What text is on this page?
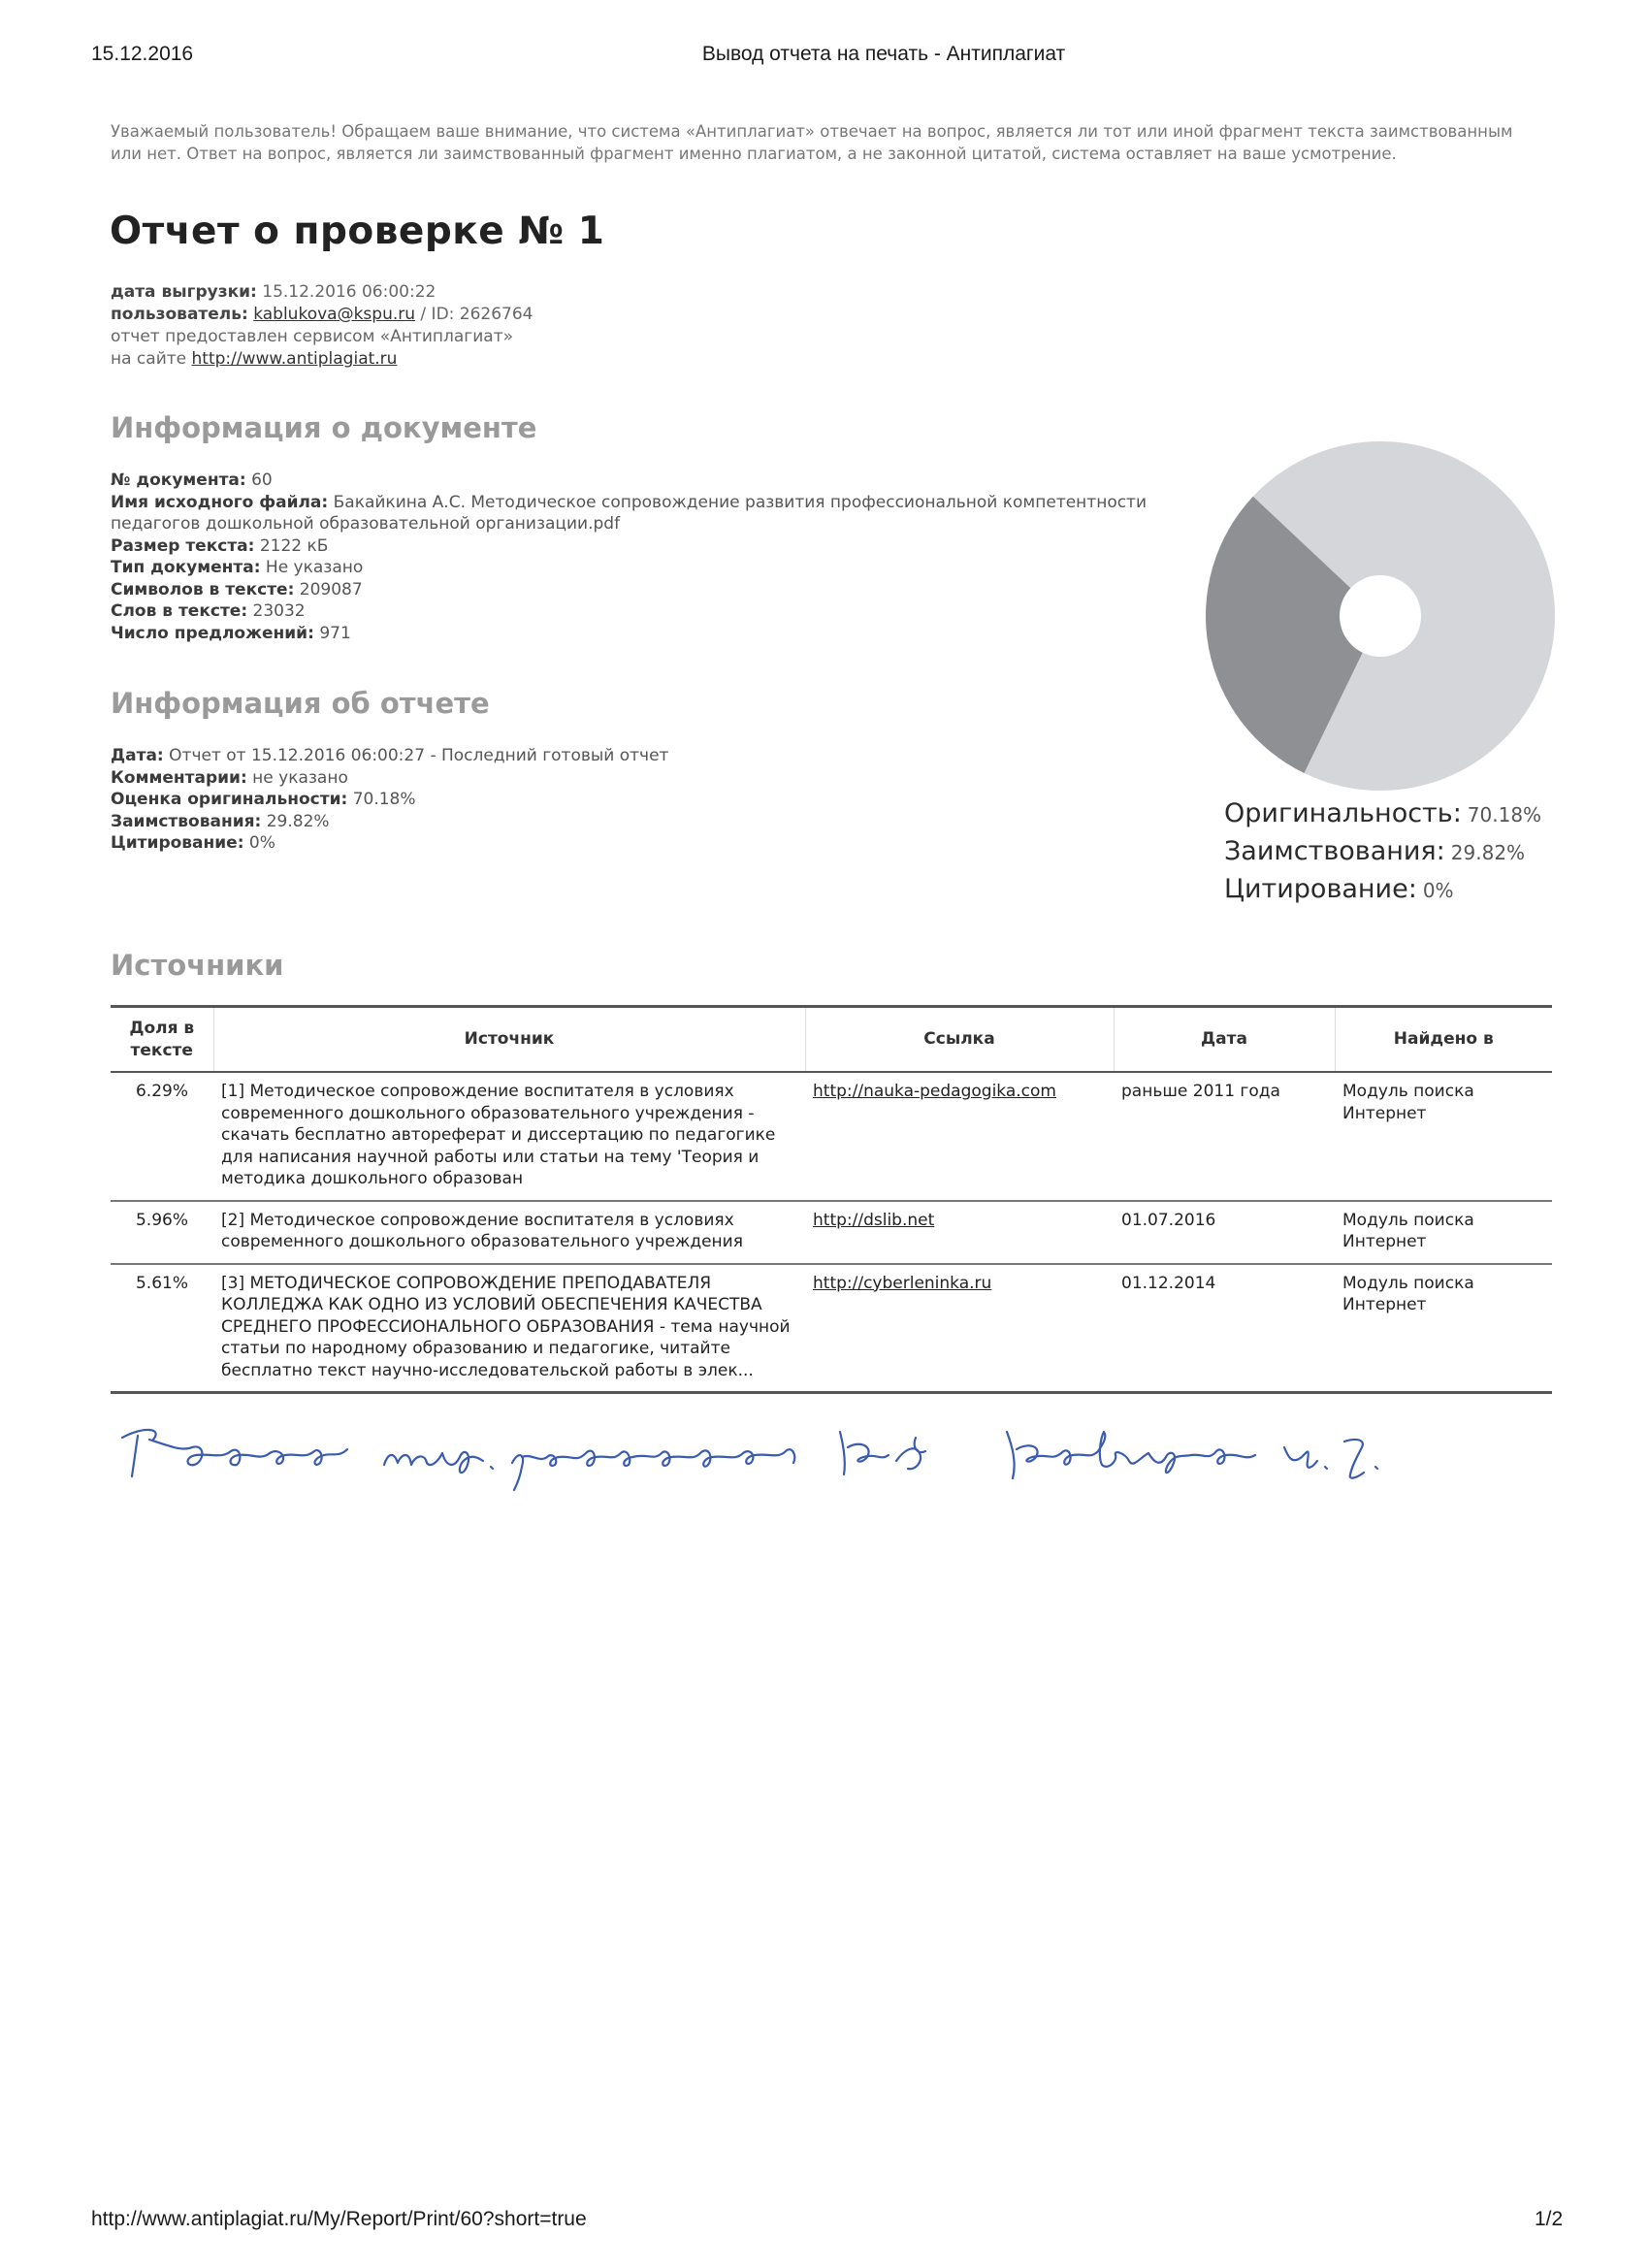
15.12.2016	Вывод отчета на печать - Антиплагиат
Уважаемый пользователь! Обращаем ваше внимание, что система «Антиплагиат» отвечает на вопрос, является ли тот или иной фрагмент текста заимствованным или нет. Ответ на вопрос, является ли заимствованный фрагмент именно плагиатом, а не законной цитатой, система оставляет на ваше усмотрение.
Отчет о проверке № 1
дата выгрузки: 15.12.2016 06:00:22
пользователь: kablukova@kspu.ru / ID: 2626764
отчет предоставлен сервисом «Антиплагиат»
на сайте http://www.antiplagiat.ru
Информация о документе
№ документа: 60
Имя исходного файла: Бакайкина А.С. Методическое сопровождение развития профессиональной компетентности педагогов дошкольной образовательной организации.pdf
Размер текста: 2122 кБ
Тип документа: Не указано
Символов в тексте: 209087
Слов в тексте: 23032
Число предложений: 971
Информация об отчете
Дата: Отчет от 15.12.2016 06:00:27 - Последний готовый отчет
Комментарии: не указано
Оценка оригинальности: 70.18%
Заимствования: 29.82%
Цитирование: 0%
Оригинальность: 70.18%
Заимствования: 29.82%
Цитирование: 0%
Источники
Доля в тексте	Источник	Ссылка	Дата	Найдено в
6.29%	[1] Методическое сопровождение воспитателя в условиях современного дошкольного образовательного учреждения - скачать бесплатно автореферат и диссертацию по педагогике для написания научной работы или статьи на тему 'Теория и методика дошкольного образован	http://nauka-pedagogika.com	раньше 2011 года	Модуль поиска Интернет
5.96%	[2] Методическое сопровождение воспитателя в условиях современного дошкольного образовательного учреждения	http://dslib.net	01.07.2016	Модуль поиска Интернет
5.61%	[3] МЕТОДИЧЕСКОЕ СОПРОВОЖДЕНИЕ ПРЕПОДАВАТЕЛЯ КОЛЛЕДЖА КАК ОДНО ИЗ УСЛОВИЙ ОБЕСПЕЧЕНИЯ КАЧЕСТВА СРЕДНЕГО ПРОФЕССИОНАЛЬНОГО ОБРАЗОВАНИЯ - тема научной статьи по народному образованию и педагогике, читайте бесплатно текст научно-исследовательской работы в элек...	http://cyberleninka.ru	01.12.2014	Модуль поиска Интернет
http://www.antiplagiat.ru/My/Report/Print/60?short=true	1/2
